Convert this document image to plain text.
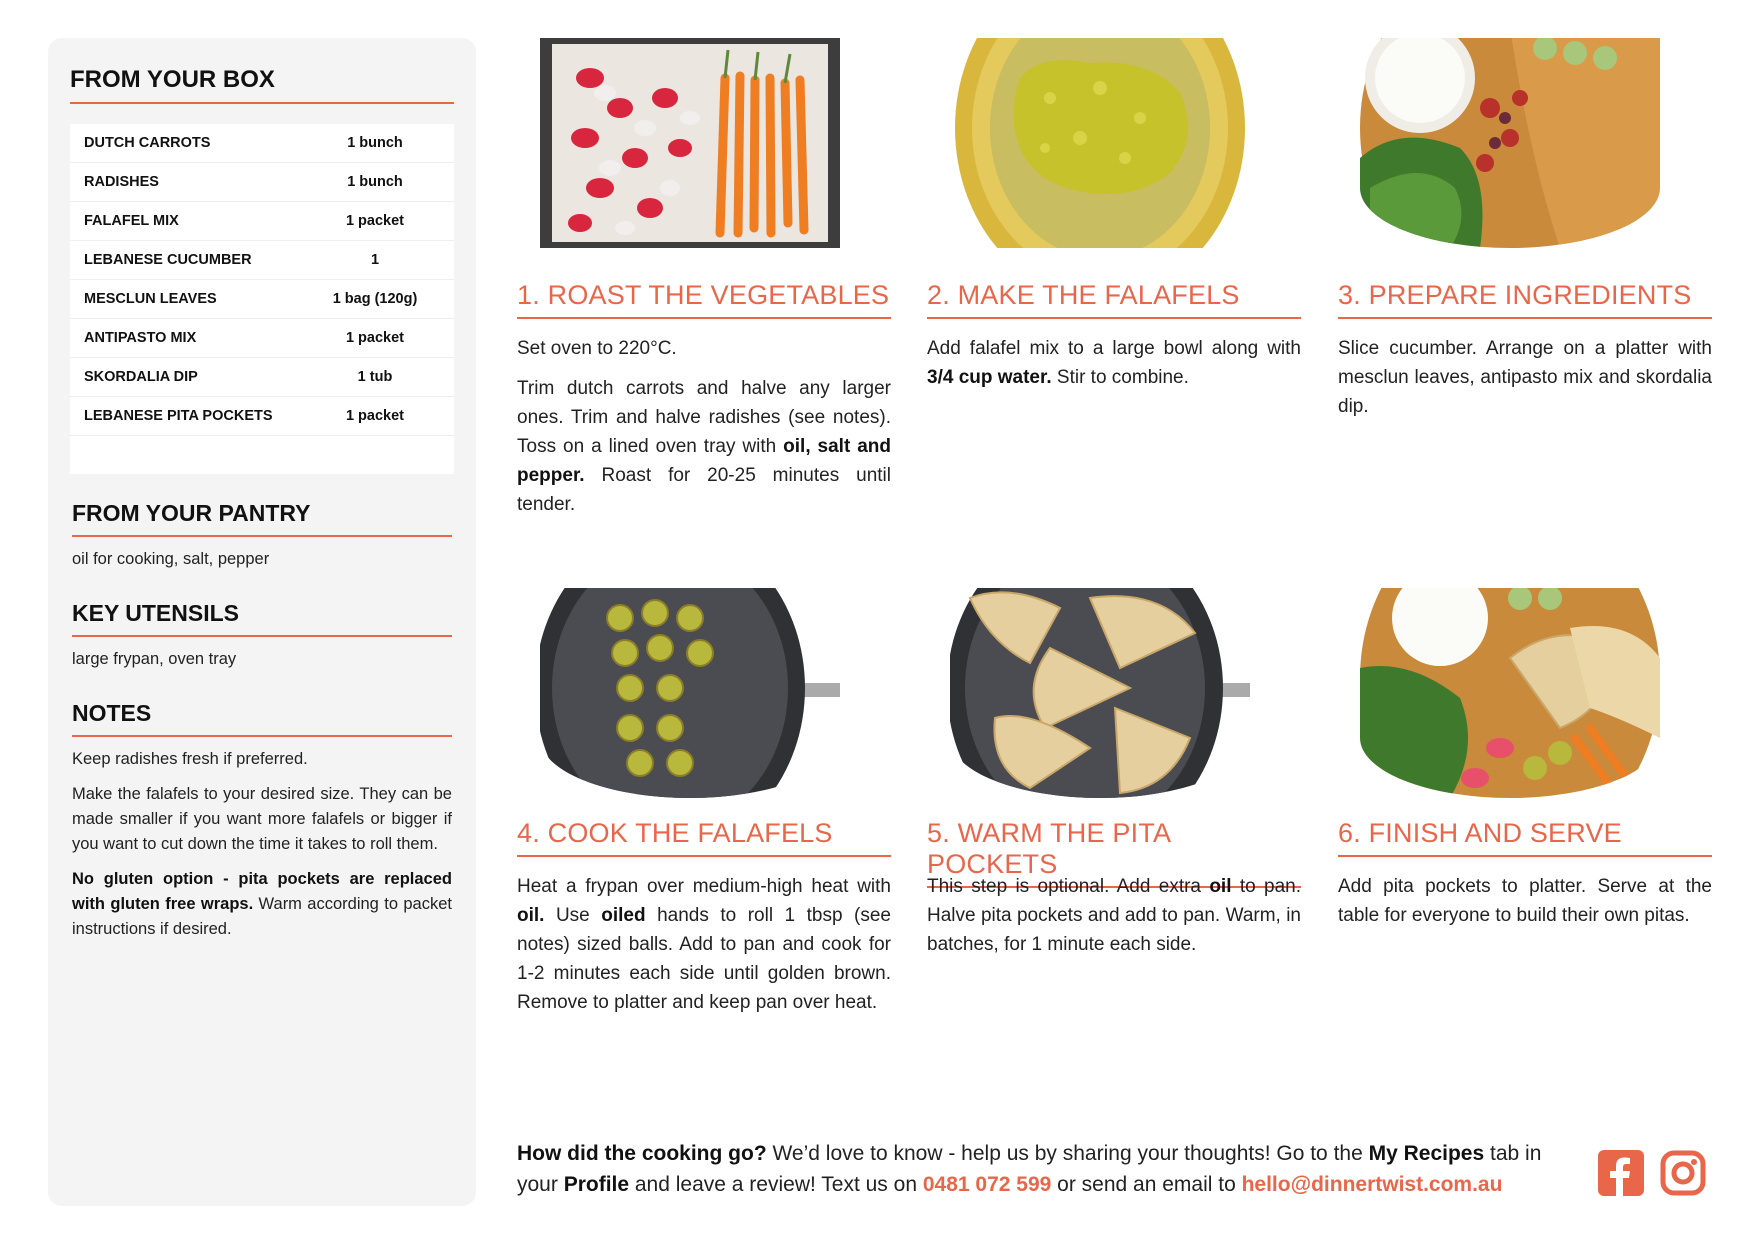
FROM YOUR BOX
DUTCH CARROTS	1 bunch
RADISHES	1 bunch
FALAFEL MIX	1 packet
LEBANESE CUCUMBER	1
MESCLUN LEAVES	1 bag (120g)
ANTIPASTO MIX	1 packet
SKORDALIA DIP	1 tub
LEBANESE PITA POCKETS	1 packet
FROM YOUR PANTRY

oil for cooking, salt, pepper

KEY UTENSILS

large frypan, oven tray

NOTES

Keep radishes fresh if preferred.

Make the falafels to your desired size. They can be made smaller if you want more falafels or bigger if you want to cut down the time it takes to roll them.

No gluten option - pita pockets are replaced with gluten free wraps. Warm according to packet instructions if desired.

1. ROAST THE VEGETABLES

Set oven to 220°C.

Trim dutch carrots and halve any larger ones. Trim and halve radishes (see notes). Toss on a lined oven tray with oil, salt and pepper. Roast for 20-25 minutes until tender.

2. MAKE THE FALAFELS

Add falafel mix to a large bowl along with 3/4 cup water. Stir to combine.

3. PREPARE INGREDIENTS

Slice cucumber. Arrange on a platter with mesclun leaves, antipasto mix and skordalia dip.

4. COOK THE FALAFELS

Heat a frypan over medium-high heat with oil. Use oiled hands to roll 1 tbsp (see notes) sized balls. Add to pan and cook for 1-2 minutes each side until golden brown. Remove to platter and keep pan over heat.

5. WARM THE PITA POCKETS

This step is optional. Add extra oil to pan. Halve pita pockets and add to pan. Warm, in batches, for 1 minute each side.

6. FINISH AND SERVE

Add pita pockets to platter. Serve at the table for everyone to build their own pitas.

How did the cooking go? We’d love to know - help us by sharing your thoughts! Go to the My Recipes tab in your Profile and leave a review! Text us on 0481 072 599 or send an email to hello@dinnertwist.com.au
